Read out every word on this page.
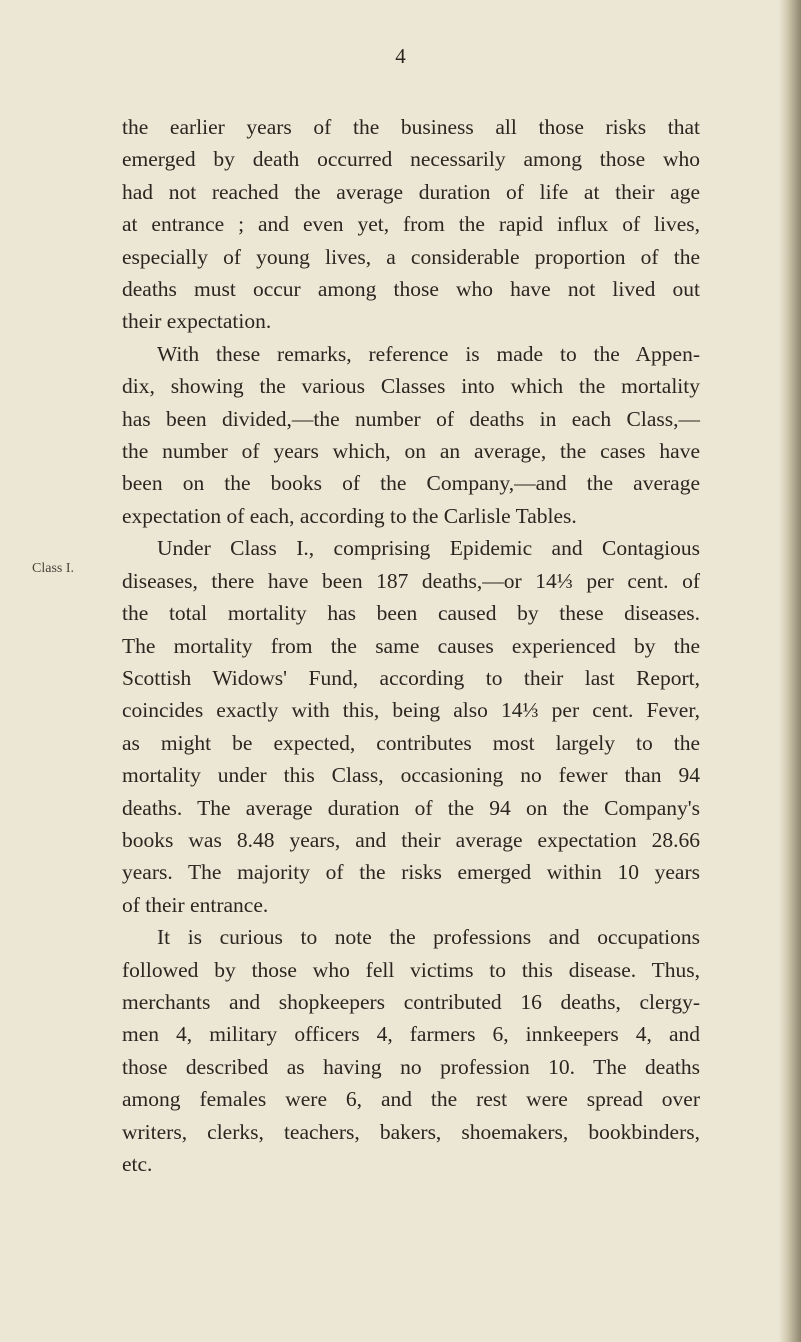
4
Class I.
the earlier years of the business all those risks that
emerged by death occurred necessarily among those who
had not reached the average duration of life at their age
at entrance ; and even yet, from the rapid influx of lives,
especially of young lives, a considerable proportion of the
deaths must occur among those who have not lived out
their expectation.
With these remarks, reference is made to the Appen-
dix, showing the various Classes into which the mortality
has been divided,—the number of deaths in each Class,—
the number of years which, on an average, the cases have
been on the books of the Company,—and the average
expectation of each, according to the Carlisle Tables.
Under Class I., comprising Epidemic and Contagious
diseases, there have been 187 deaths,—or 14⅓ per cent. of
the total mortality has been caused by these diseases.
The mortality from the same causes experienced by the
Scottish Widows' Fund, according to their last Report,
coincides exactly with this, being also 14⅓ per cent. Fever,
as might be expected, contributes most largely to the
mortality under this Class, occasioning no fewer than 94
deaths. The average duration of the 94 on the Company's
books was 8.48 years, and their average expectation 28.66
years. The majority of the risks emerged within 10 years
of their entrance.
It is curious to note the professions and occupations
followed by those who fell victims to this disease. Thus,
merchants and shopkeepers contributed 16 deaths, clergy-
men 4, military officers 4, farmers 6, innkeepers 4, and
those described as having no profession 10. The deaths
among females were 6, and the rest were spread over
writers, clerks, teachers, bakers, shoemakers, bookbinders,
etc.
